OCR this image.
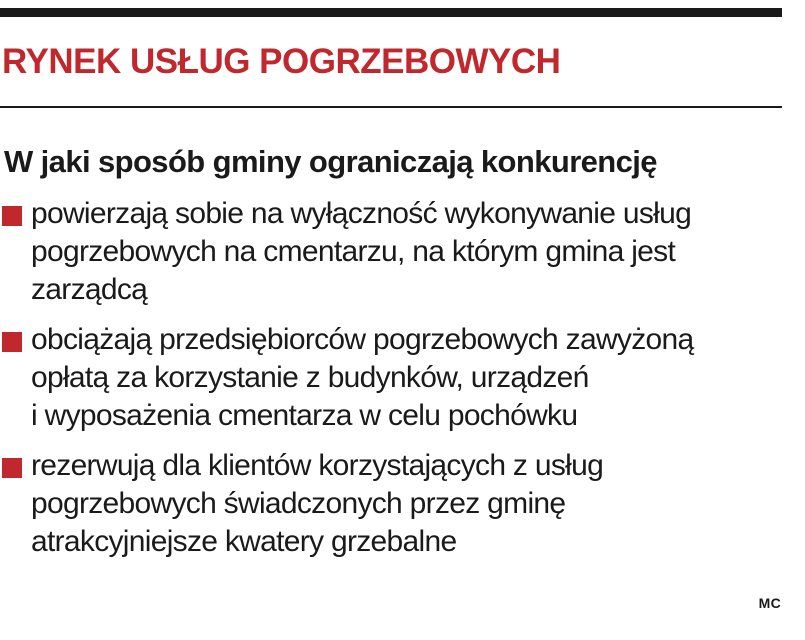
RYNEK USŁUG POGRZEBOWYCH
W jaki sposób gminy ograniczają konkurencję
powierzają sobie na wyłączność wykonywanie usług
pogrzebowych na cmentarzu, na którym gmina jest
zarządcą
obciążają przedsiębiorców pogrzebowych zawyżoną
opłatą za korzystanie z budynków, urządzeń
i wyposażenia cmentarza w celu pochówku
rezerwują dla klientów korzystających z usług
pogrzebowych świadczonych przez gminę
atrakcyjniejsze kwatery grzebalne
MC
